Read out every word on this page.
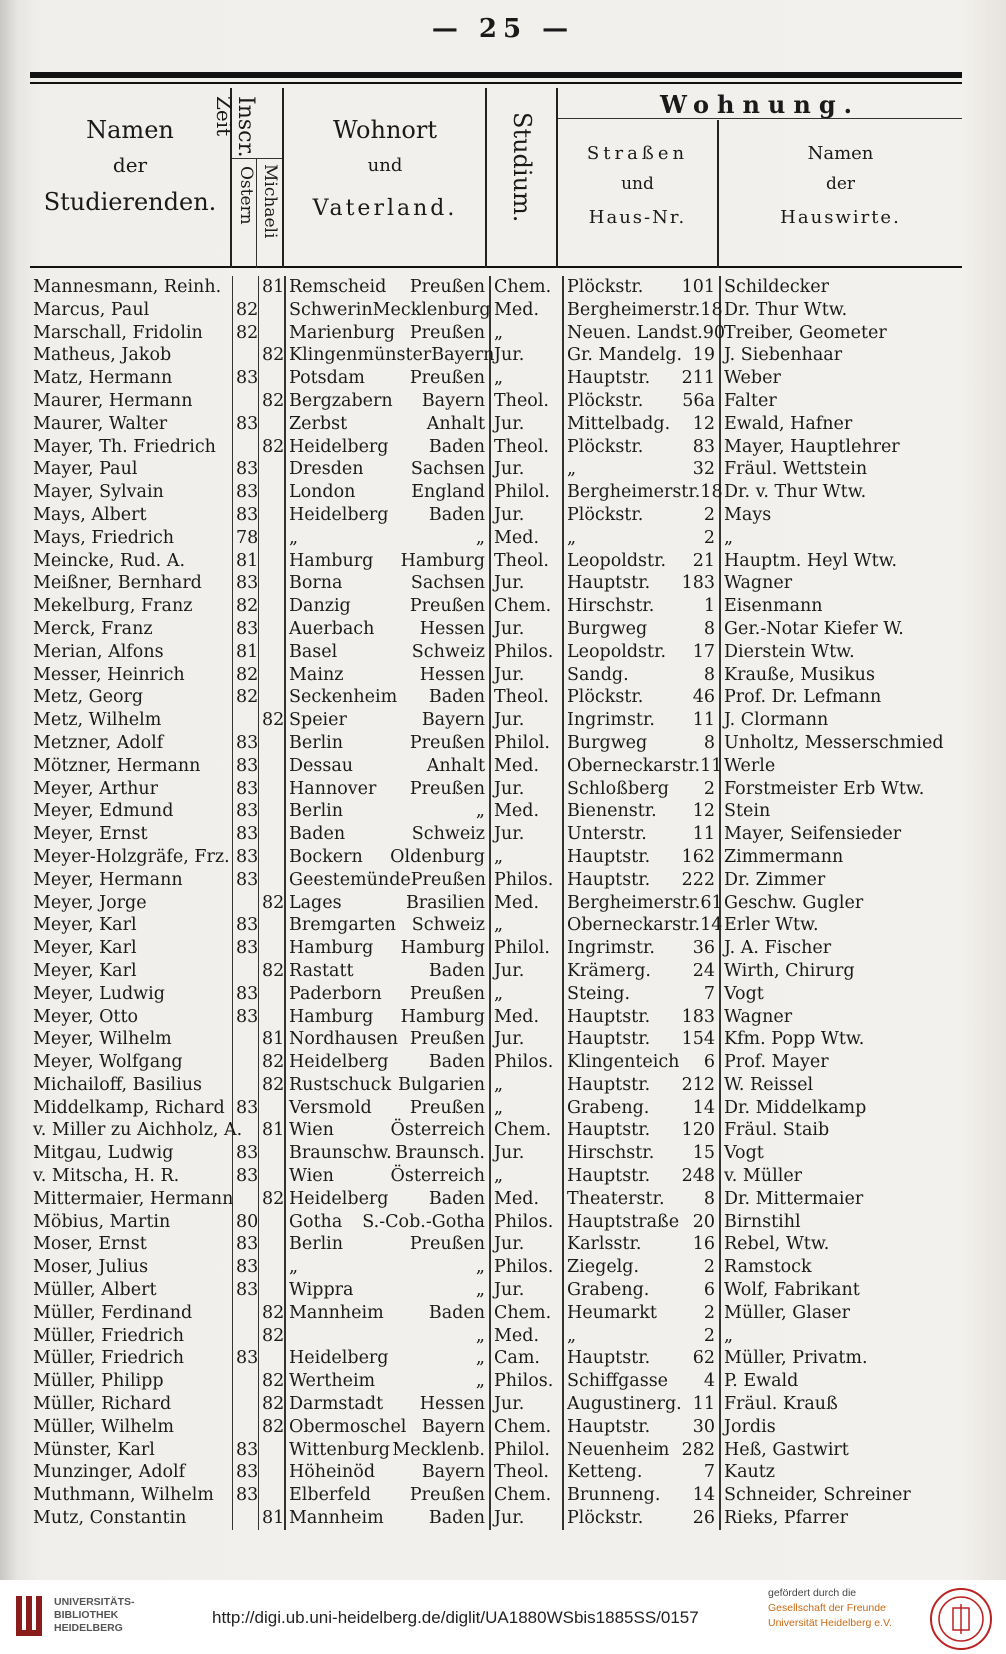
— 25 —
Namen
der
Studierenden.
Inscr.
Zeit
Michaeli
Ostern
Wohnort
und
Vaterland.	Studium.
Wohnung.
Straßen
und
Haus-Nr.
Namen
der
Hauswirte.
Mannesmann, Reinh.		81	Remscheid Preußen	Chem.	Plöckstr. 101	Schildecker
Marcus, Paul	82		Schwerin Mecklenburg	Med.	Bergheimerstr. 18	Dr. Thur Wtw.
Marschall, Fridolin	82		Marienburg Preußen	„	Neuen. Landst. 90	Treiber, Geometer
Matheus, Jakob		82	Klingenmünster Bayern	Jur.	Gr. Mandelg. 19	J. Siebenhaar
Matz, Hermann	83		Potsdam Preußen	„	Hauptstr. 211	Weber
Maurer, Hermann		82	Bergzabern Bayern	Theol.	Plöckstr. 56a	Falter
Maurer, Walter	83		Zerbst Anhalt	Jur.	Mittelbadg. 12	Ewald, Hafner
Mayer, Th. Friedrich		82	Heidelberg Baden	Theol.	Plöckstr. 83	Mayer, Hauptlehrer
Mayer, Paul	83		Dresden Sachsen	Jur.	„ 32	Fräul. Wettstein
Mayer, Sylvain	83		London England	Philol.	Bergheimerstr. 18	Dr. v. Thur Wtw.
Mays, Albert	83		Heidelberg Baden	Jur.	Plöckstr. 2	Mays
Mays, Friedrich	78		„ „	Med.	„ 2	„
Meincke, Rud. A.	81		Hamburg Hamburg	Theol.	Leopoldstr. 21	Hauptm. Heyl Wtw.
Meißner, Bernhard	83		Borna Sachsen	Jur.	Hauptstr. 183	Wagner
Mekelburg, Franz	82		Danzig Preußen	Chem.	Hirschstr. 1	Eisenmann
Merck, Franz	83		Auerbach Hessen	Jur.	Burgweg 8	Ger.-Notar Kiefer W.
Merian, Alfons	81		Basel Schweiz	Philos.	Leopoldstr. 17	Dierstein Wtw.
Messer, Heinrich	82		Mainz Hessen	Jur.	Sandg. 8	Krauße, Musikus
Metz, Georg	82		Seckenheim Baden	Theol.	Plöckstr. 46	Prof. Dr. Lefmann
Metz, Wilhelm		82	Speier Bayern	Jur.	Ingrimstr. 11	J. Clormann
Metzner, Adolf	83		Berlin Preußen	Philol.	Burgweg 8	Unholtz, Messerschmied
Mötzner, Hermann	83		Dessau Anhalt	Med.	Oberneckarstr. 11	Werle
Meyer, Arthur	83		Hannover Preußen	Jur.	Schloßberg 2	Forstmeister Erb Wtw.
Meyer, Edmund	83		Berlin „	Med.	Bienenstr. 12	Stein
Meyer, Ernst	83		Baden Schweiz	Jur.	Unterstr. 11	Mayer, Seifensieder
Meyer-Holzgräfe, Frz.	83		Bockern Oldenburg	„	Hauptstr. 162	Zimmermann
Meyer, Hermann	83		Geestemünde Preußen	Philos.	Hauptstr. 222	Dr. Zimmer
Meyer, Jorge		82	Lages Brasilien	Med.	Bergheimerstr. 61	Geschw. Gugler
Meyer, Karl	83		Bremgarten Schweiz	„	Oberneckarstr. 14	Erler Wtw.
Meyer, Karl	83		Hamburg Hamburg	Philol.	Ingrimstr. 36	J. A. Fischer
Meyer, Karl		82	Rastatt Baden	Jur.	Krämerg. 24	Wirth, Chirurg
Meyer, Ludwig	83		Paderborn Preußen	„	Steing. 7	Vogt
Meyer, Otto	83		Hamburg Hamburg	Med.	Hauptstr. 183	Wagner
Meyer, Wilhelm		81	Nordhausen Preußen	Jur.	Hauptstr. 154	Kfm. Popp Wtw.
Meyer, Wolfgang		82	Heidelberg Baden	Philos.	Klingenteich 6	Prof. Mayer
Michailoff, Basilius		82	Rustschuck Bulgarien	„	Hauptstr. 212	W. Reissel
Middelkamp, Richard	83		Versmold Preußen	„	Grabeng. 14	Dr. Middelkamp
v. Miller zu Aichholz, A.		81	Wien Österreich	Chem.	Hauptstr. 120	Fräul. Staib
Mitgau, Ludwig	83		Braunschw. Braunsch.	Jur.	Hirschstr. 15	Vogt
v. Mitscha, H. R.	83		Wien Österreich	„	Hauptstr. 248	v. Müller
Mittermaier, Hermann		82	Heidelberg Baden	Med.	Theaterstr. 8	Dr. Mittermaier
Möbius, Martin	80		Gotha S.-Cob.-Gotha	Philos.	Hauptstraße 20	Birnstihl
Moser, Ernst	83		Berlin Preußen	Jur.	Karlsstr. 16	Rebel, Wtw.
Moser, Julius	83		„ „	Philos.	Ziegelg. 2	Ramstock
Müller, Albert	83		Wippra „	Jur.	Grabeng. 6	Wolf, Fabrikant
Müller, Ferdinand		82	Mannheim Baden	Chem.	Heumarkt 2	Müller, Glaser
Müller, Friedrich		82	„	Med.	„ 2	„
Müller, Friedrich	83		Heidelberg „	Cam.	Hauptstr. 62	Müller, Privatm.
Müller, Philipp		82	Wertheim „	Philos.	Schiffgasse 4	P. Ewald
Müller, Richard		82	Darmstadt Hessen	Jur.	Augustinerg. 11	Fräul. Krauß
Müller, Wilhelm		82	Obermoschel Bayern	Chem.	Hauptstr. 30	Jordis
Münster, Karl	83		Wittenburg Mecklenb.	Philol.	Neuenheim 282	Heß, Gastwirt
Munzinger, Adolf	83		Höheinöd Bayern	Theol.	Ketteng. 7	Kautz
Muthmann, Wilhelm	83		Elberfeld Preußen	Chem.	Brunneng. 14	Schneider, Schreiner
Mutz, Constantin		81	Mannheim Baden	Jur.	Plöckstr. 26	Rieks, Pfarrer
UNIVERSITÄTS-
BIBLIOTHEK
HEIDELBERG
http://digi.ub.uni-heidelberg.de/diglit/UA1880WSbis1885SS/0157
gefördert durch die
Gesellschaft der Freunde
Universität Heidelberg e.V.
